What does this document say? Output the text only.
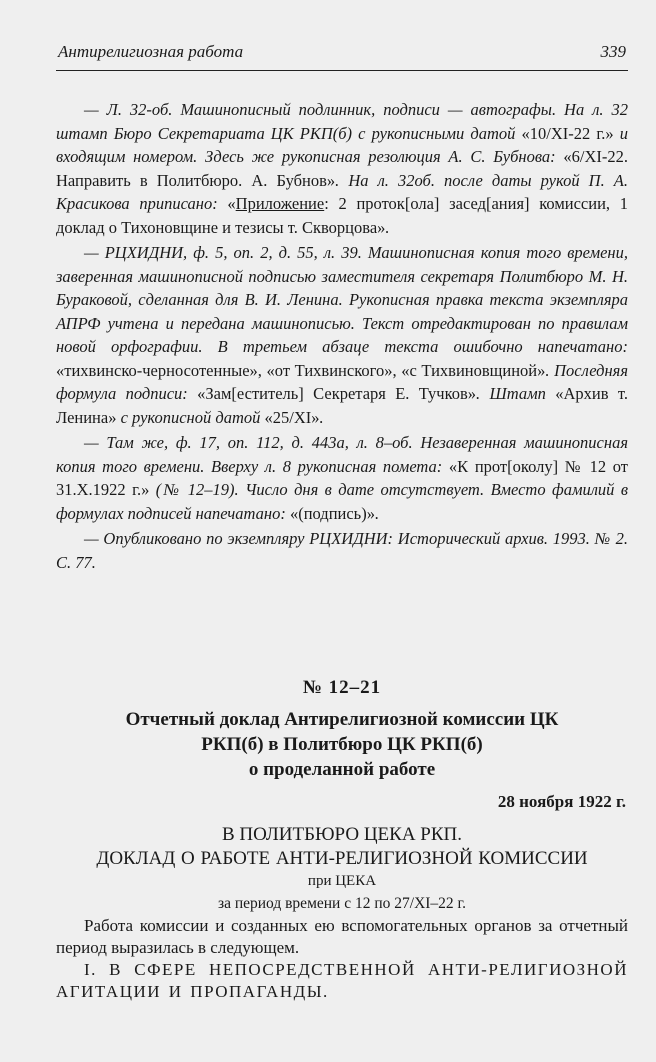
Антирелигиозная работа	339

— Л. 32-об. Машинописный подлинник, подписи — автографы. На л. 32 штамп Бюро Секретариата ЦК РКП(б) с рукописными датой «10/XI-22 г.» и входящим номером. Здесь же рукописная резолюция А. С. Бубнова: «6/XI-22. Направить в Политбюро. А. Бубнов». На л. 32об. после даты рукой П. А. Красикова приписано: «Приложение: 2 проток[ола] засед[ания] комиссии, 1 доклад о Тихоновщине и тезисы т. Скворцова».

— РЦХИДНИ, ф. 5, оп. 2, д. 55, л. 39. Машинописная копия того времени, заверенная машинописной подписью заместителя секретаря Политбюро М. Н. Бураковой, сделанная для В. И. Ленина. Рукописная правка текста экземпляра АПРФ учтена и передана машинописью. Текст отредактирован по правилам новой орфографии. В третьем абзаце текста ошибочно напечатано: «тихвинско-черносотенные», «от Тихвинского», «с Тихвиновщиной». Последняя формула подписи: «Зам[еститель] Секретаря Е. Тучков». Штамп «Архив т. Ленина» с рукописной датой «25/XI».

— Там же, ф. 17, оп. 112, д. 443а, л. 8–об. Незаверенная машинописная копия того времени. Вверху л. 8 рукописная помета: «К прот[околу] № 12 от 31.X.1922 г.» (№ 12–19). Число дня в дате отсутствует. Вместо фамилий в формулах подписей напечатано: «(подпись)».

— Опубликовано по экземпляру РЦХИДНИ: Исторический архив. 1993. № 2. С. 77.

№ 12–21
Отчетный доклад Антирелигиозной комиссии ЦК
РКП(б) в Политбюро ЦК РКП(б)
о проделанной работе
28 ноября 1922 г.
В ПОЛИТБЮРО ЦЕКА РКП.
ДОКЛАД О РАБОТЕ АНТИ-РЕЛИГИОЗНОЙ КОМИССИИ
при ЦЕКА
за период времени с 12 по 27/XI–22 г.

Работа комиссии и созданных ею вспомогательных органов за отчетный период выразилась в следующем.

I. В СФЕРЕ НЕПОСРЕДСТВЕННОЙ АНТИ-РЕЛИГИОЗНОЙ АГИТАЦИИ И ПРОПАГАНДЫ.
